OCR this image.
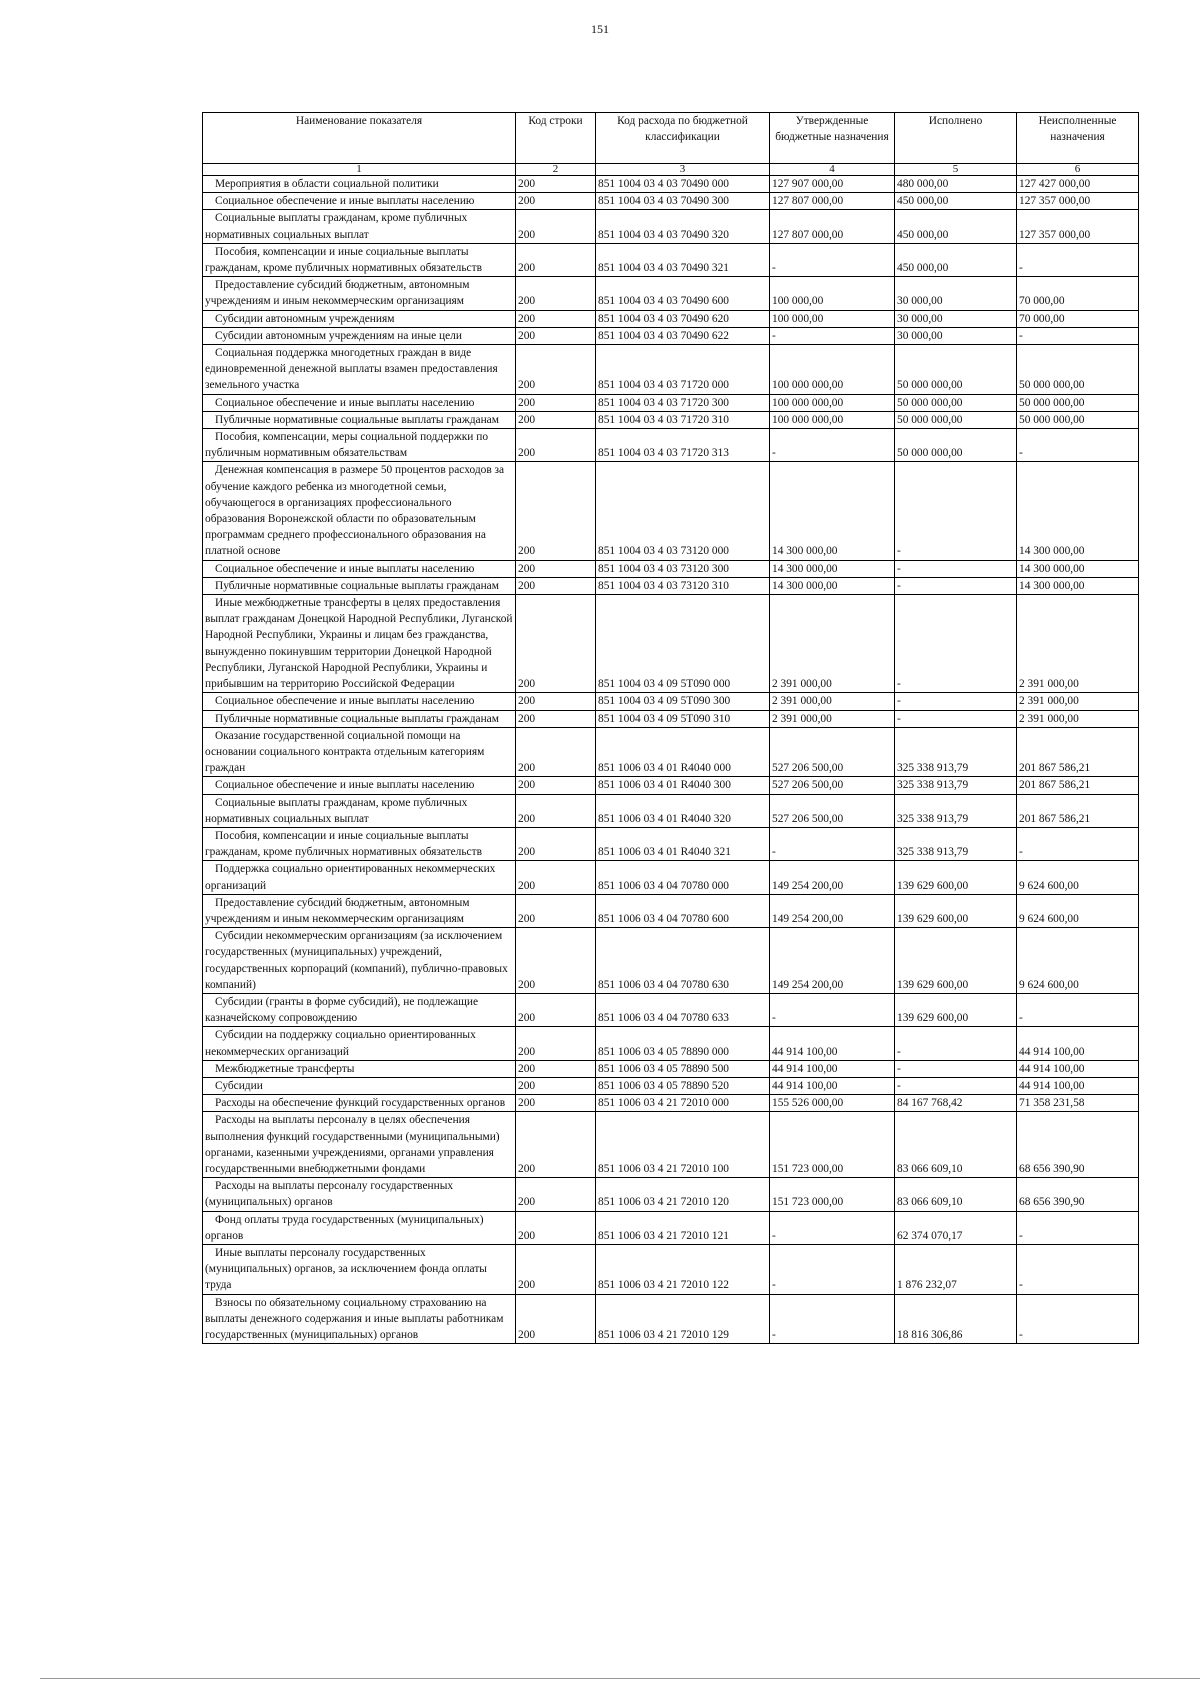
151
Наименование показателя	Код строки	Код расхода по бюджетной классификации	Утвержденные бюджетные назначения	Исполнено	Неисполненные назначения
1	2	3	4	5	6
Мероприятия в области социальной политики	200	851 1004 03 4 03 70490 000	127 907 000,00	480 000,00	127 427 000,00
Социальное обеспечение и иные выплаты населению	200	851 1004 03 4 03 70490 300	127 807 000,00	450 000,00	127 357 000,00
Социальные выплаты гражданам, кроме публичных нормативных социальных выплат	200	851 1004 03 4 03 70490 320	127 807 000,00	450 000,00	127 357 000,00
Пособия, компенсации и иные социальные выплаты гражданам, кроме публичных нормативных обязательств	200	851 1004 03 4 03 70490 321	-	450 000,00	-
Предоставление субсидий бюджетным, автономным учреждениям и иным некоммерческим организациям	200	851 1004 03 4 03 70490 600	100 000,00	30 000,00	70 000,00
Субсидии автономным учреждениям	200	851 1004 03 4 03 70490 620	100 000,00	30 000,00	70 000,00
Субсидии автономным учреждениям на иные цели	200	851 1004 03 4 03 70490 622	-	30 000,00	-
Социальная поддержка многодетных граждан в виде единовременной денежной выплаты взамен предоставления земельного участка	200	851 1004 03 4 03 71720 000	100 000 000,00	50 000 000,00	50 000 000,00
Социальное обеспечение и иные выплаты населению	200	851 1004 03 4 03 71720 300	100 000 000,00	50 000 000,00	50 000 000,00
Публичные нормативные социальные выплаты гражданам	200	851 1004 03 4 03 71720 310	100 000 000,00	50 000 000,00	50 000 000,00
Пособия, компенсации, меры социальной поддержки по публичным нормативным обязательствам	200	851 1004 03 4 03 71720 313	-	50 000 000,00	-
Денежная компенсация в размере 50 процентов расходов за обучение каждого ребенка из многодетной семьи, обучающегося в организациях профессионального образования Воронежской области по образовательным программам среднего профессионального образования на платной основе	200	851 1004 03 4 03 73120 000	14 300 000,00	-	14 300 000,00
Социальное обеспечение и иные выплаты населению	200	851 1004 03 4 03 73120 300	14 300 000,00	-	14 300 000,00
Публичные нормативные социальные выплаты гражданам	200	851 1004 03 4 03 73120 310	14 300 000,00	-	14 300 000,00
Иные межбюджетные трансферты в целях предоставления выплат гражданам Донецкой Народной Республики, Луганской Народной Республики, Украины и лицам без гражданства, вынужденно покинувшим территории Донецкой Народной Республики, Луганской Народной Республики, Украины и прибывшим на территорию Российской Федерации	200	851 1004 03 4 09 5Т090 000	2 391 000,00	-	2 391 000,00
Социальное обеспечение и иные выплаты населению	200	851 1004 03 4 09 5Т090 300	2 391 000,00	-	2 391 000,00
Публичные нормативные социальные выплаты гражданам	200	851 1004 03 4 09 5Т090 310	2 391 000,00	-	2 391 000,00
Оказание государственной социальной помощи на основании социального контракта отдельным категориям граждан	200	851 1006 03 4 01 R4040 000	527 206 500,00	325 338 913,79	201 867 586,21
Социальное обеспечение и иные выплаты населению	200	851 1006 03 4 01 R4040 300	527 206 500,00	325 338 913,79	201 867 586,21
Социальные выплаты гражданам, кроме публичных нормативных социальных выплат	200	851 1006 03 4 01 R4040 320	527 206 500,00	325 338 913,79	201 867 586,21
Пособия, компенсации и иные социальные выплаты гражданам, кроме публичных нормативных обязательств	200	851 1006 03 4 01 R4040 321	-	325 338 913,79	-
Поддержка социально ориентированных некоммерческих организаций	200	851 1006 03 4 04 70780 000	149 254 200,00	139 629 600,00	9 624 600,00
Предоставление субсидий бюджетным, автономным учреждениям и иным некоммерческим организациям	200	851 1006 03 4 04 70780 600	149 254 200,00	139 629 600,00	9 624 600,00
Субсидии некоммерческим организациям (за исключением государственных (муниципальных) учреждений, государственных корпораций (компаний), публично-правовых компаний)	200	851 1006 03 4 04 70780 630	149 254 200,00	139 629 600,00	9 624 600,00
Субсидии (гранты в форме субсидий), не подлежащие казначейскому сопровождению	200	851 1006 03 4 04 70780 633	-	139 629 600,00	-
Субсидии на поддержку социально ориентированных некоммерческих организаций	200	851 1006 03 4 05 78890 000	44 914 100,00	-	44 914 100,00
Межбюджетные трансферты	200	851 1006 03 4 05 78890 500	44 914 100,00	-	44 914 100,00
Субсидии	200	851 1006 03 4 05 78890 520	44 914 100,00	-	44 914 100,00
Расходы на обеспечение функций государственных органов	200	851 1006 03 4 21 72010 000	155 526 000,00	84 167 768,42	71 358 231,58
Расходы на выплаты персоналу в целях обеспечения выполнения функций государственными (муниципальными) органами, казенными учреждениями, органами управления государственными внебюджетными фондами	200	851 1006 03 4 21 72010 100	151 723 000,00	83 066 609,10	68 656 390,90
Расходы на выплаты персоналу государственных (муниципальных) органов	200	851 1006 03 4 21 72010 120	151 723 000,00	83 066 609,10	68 656 390,90
Фонд оплаты труда государственных (муниципальных) органов	200	851 1006 03 4 21 72010 121	-	62 374 070,17	-
Иные выплаты персоналу государственных (муниципальных) органов, за исключением фонда оплаты труда	200	851 1006 03 4 21 72010 122	-	1 876 232,07	-
Взносы по обязательному социальному страхованию на выплаты денежного содержания и иные выплаты работникам государственных (муниципальных) органов	200	851 1006 03 4 21 72010 129	-	18 816 306,86	-
